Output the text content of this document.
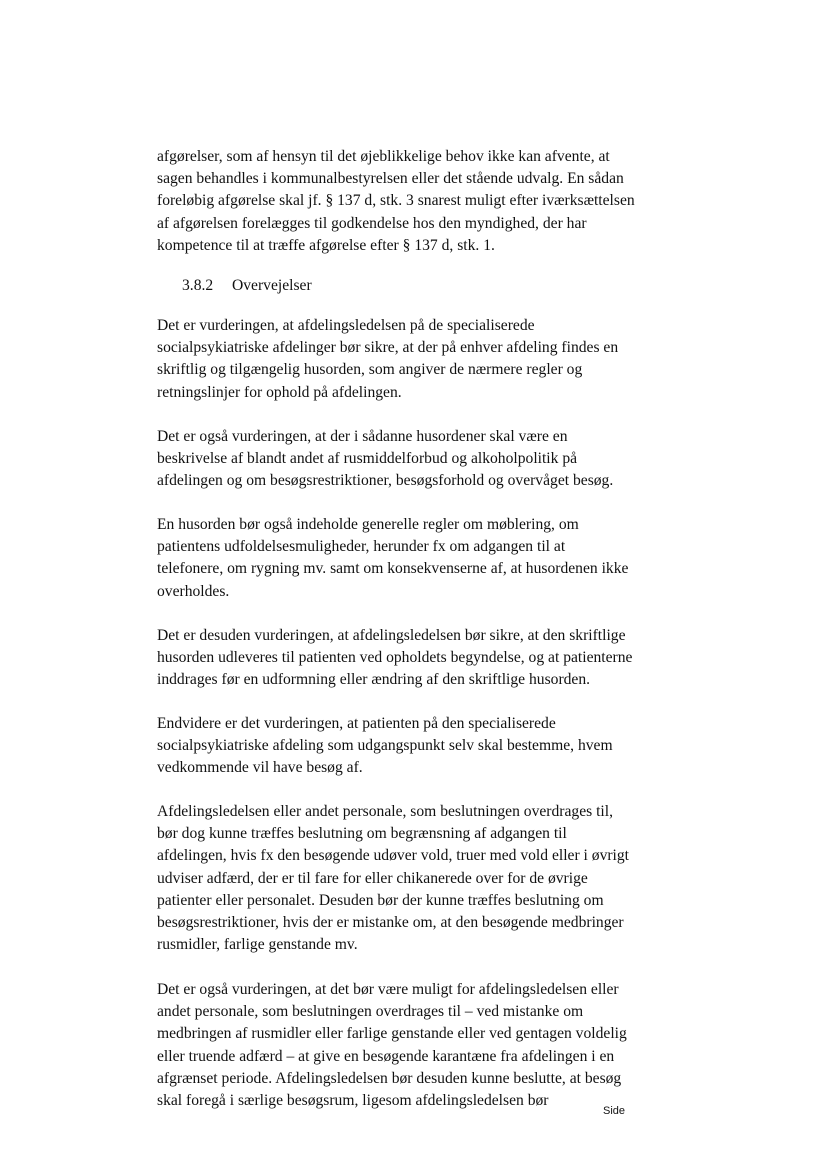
afgørelser, som af hensyn til det øjeblikkelige behov ikke kan afvente, at
sagen behandles i kommunalbestyrelsen eller det stående udvalg. En sådan
foreløbig afgørelse skal jf. § 137 d, stk. 3 snarest muligt efter iværksættelsen
af afgørelsen forelægges til godkendelse hos den myndighed, der har
kompetence til at træffe afgørelse efter § 137 d, stk. 1.

3.8.2 Overvejelser

Det er vurderingen, at afdelingsledelsen på de specialiserede
socialpsykiatriske afdelinger bør sikre, at der på enhver afdeling findes en
skriftlig og tilgængelig husorden, som angiver de nærmere regler og
retningslinjer for ophold på afdelingen.

Det er også vurderingen, at der i sådanne husordener skal være en
beskrivelse af blandt andet af rusmiddelforbud og alkoholpolitik på
afdelingen og om besøgsrestriktioner, besøgsforhold og overvåget besøg.

En husorden bør også indeholde generelle regler om møblering, om
patientens udfoldelsesmuligheder, herunder fx om adgangen til at
telefonere, om rygning mv. samt om konsekvenserne af, at husordenen ikke
overholdes.

Det er desuden vurderingen, at afdelingsledelsen bør sikre, at den skriftlige
husorden udleveres til patienten ved opholdets begyndelse, og at patienterne
inddrages før en udformning eller ændring af den skriftlige husorden.

Endvidere er det vurderingen, at patienten på den specialiserede
socialpsykiatriske afdeling som udgangspunkt selv skal bestemme, hvem
vedkommende vil have besøg af.

Afdelingsledelsen eller andet personale, som beslutningen overdrages til,
bør dog kunne træffes beslutning om begrænsning af adgangen til
afdelingen, hvis fx den besøgende udøver vold, truer med vold eller i øvrigt
udviser adfærd, der er til fare for eller chikanerede over for de øvrige
patienter eller personalet. Desuden bør der kunne træffes beslutning om
besøgsrestriktioner, hvis der er mistanke om, at den besøgende medbringer
rusmidler, farlige genstande mv.

Det er også vurderingen, at det bør være muligt for afdelingsledelsen eller
andet personale, som beslutningen overdrages til – ved mistanke om
medbringen af rusmidler eller farlige genstande eller ved gentagen voldelig
eller truende adfærd – at give en besøgende karantæne fra afdelingen i en
afgrænset periode. Afdelingsledelsen bør desuden kunne beslutte, at besøg
skal foregå i særlige besøgsrum, ligesom afdelingsledelsen bør

Side
